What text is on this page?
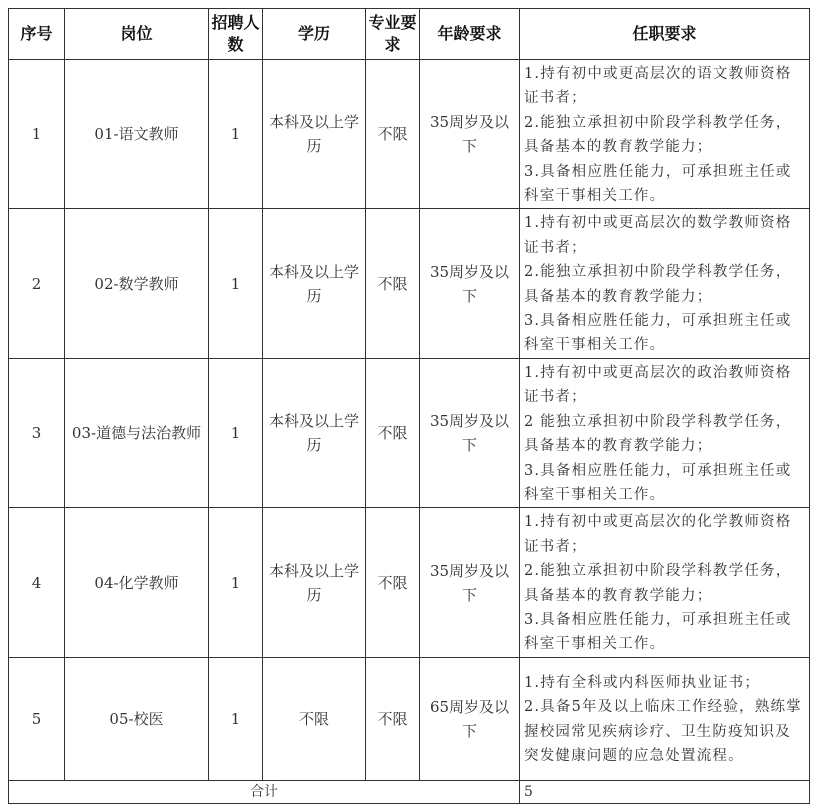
序号	岗位	招聘人数	学历	专业要求	年龄要求	任职要求
1	01-语文教师	1	本科及以上学历	不限	35周岁及以下	1.持有初中或更高层次的语文教师资格证书者；
2.能独立承担初中阶段学科教学任务，具备基本的教育教学能力；
3.具备相应胜任能力，可承担班主任或科室干事相关工作。
2	02-数学教师	1	本科及以上学历	不限	35周岁及以下	1.持有初中或更高层次的数学教师资格证书者；
2.能独立承担初中阶段学科教学任务，具备基本的教育教学能力；
3.具备相应胜任能力，可承担班主任或科室干事相关工作。
3	03-道德与法治教师	1	本科及以上学历	不限	35周岁及以下	1.持有初中或更高层次的政治教师资格证书者；
2 能独立承担初中阶段学科教学任务，具备基本的教育教学能力；
3.具备相应胜任能力，可承担班主任或科室干事相关工作。
4	04-化学教师	1	本科及以上学历	不限	35周岁及以下	1.持有初中或更高层次的化学教师资格证书者；
2.能独立承担初中阶段学科教学任务，具备基本的教育教学能力；
3.具备相应胜任能力，可承担班主任或科室干事相关工作。
5	05-校医	1	不限	不限	65周岁及以下	1.持有全科或内科医师执业证书；
2.具备5年及以上临床工作经验，熟练掌握校园常见疾病诊疗、卫生防疫知识及突发健康问题的应急处置流程。
合计						5
